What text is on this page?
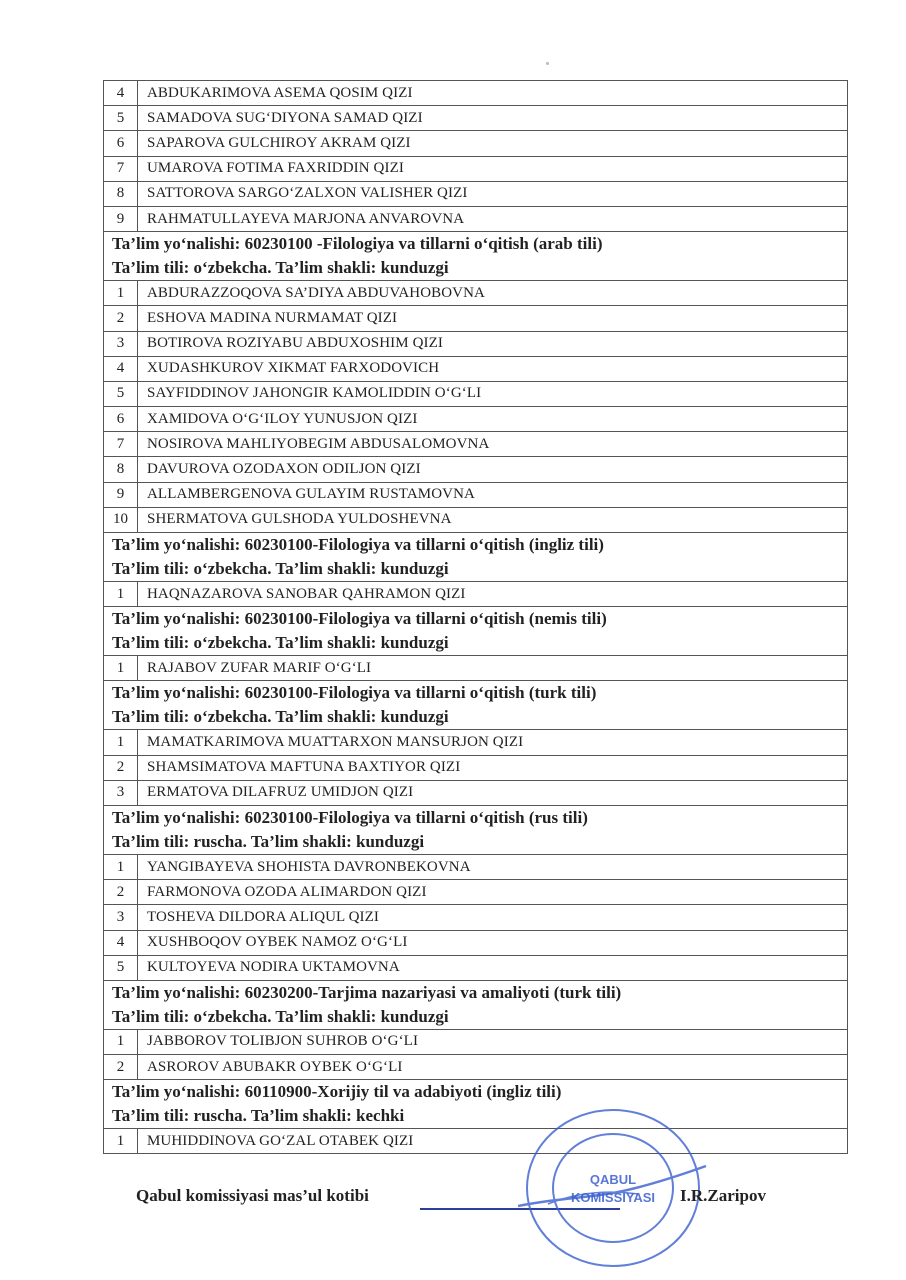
4	ABDUKARIMOVA ASEMA QOSIM QIZI
5	SAMADOVA SUG‘DIYONA SAMAD QIZI
6	SAPAROVA GULCHIROY AKRAM QIZI
7	UMAROVA FOTIMA FAXRIDDIN QIZI
8	SATTOROVA SARGO‘ZALXON VALISHER QIZI
9	RAHMATULLAYEVA MARJONA ANVAROVNA

Ta’lim yo‘nalishi: 60230100 -Filologiya va tillarni o‘qitish (arab tili)
Ta’lim tili: o‘zbekcha. Ta’lim shakli: kunduzgi	

1	ABDURAZZOQOVA SA’DIYA ABDUVAHOBOVNA
2	ESHOVA MADINA NURMAMAT QIZI
3	BOTIROVA ROZIYABU ABDUXOSHIM QIZI
4	XUDASHKUROV XIKMAT FARXODOVICH
5	SAYFIDDINOV JAHONGIR KAMOLIDDIN O‘G‘LI
6	XAMIDOVA O‘G‘ILOY YUNUSJON QIZI
7	NOSIROVA MAHLIYOBEGIM ABDUSALOMOVNA
8	DAVUROVA OZODAXON ODILJON QIZI
9	ALLAMBERGENOVA GULAYIM RUSTAMOVNA
10	SHERMATOVA GULSHODA YULDOSHEVNA

Ta’lim yo‘nalishi: 60230100-Filologiya va tillarni o‘qitish (ingliz tili)
Ta’lim tili: o‘zbekcha. Ta’lim shakli: kunduzgi	

1	HAQNAZAROVA SANOBAR QAHRAMON QIZI

Ta’lim yo‘nalishi: 60230100-Filologiya va tillarni o‘qitish (nemis tili)
Ta’lim tili: o‘zbekcha. Ta’lim shakli: kunduzgi	

1	RAJABOV ZUFAR MARIF O‘G‘LI

Ta’lim yo‘nalishi: 60230100-Filologiya va tillarni o‘qitish (turk tili)
Ta’lim tili: o‘zbekcha. Ta’lim shakli: kunduzgi	

1	MAMATKARIMOVA MUATTARXON MANSURJON QIZI
2	SHAMSIMATOVA MAFTUNA BAXTIYOR QIZI
3	ERMATOVA DILAFRUZ UMIDJON QIZI

Ta’lim yo‘nalishi: 60230100-Filologiya va tillarni o‘qitish (rus tili)
Ta’lim tili: ruscha. Ta’lim shakli: kunduzgi	

1	YANGIBAYEVA SHOHISTA DAVRONBEKOVNA
2	FARMONOVA OZODA ALIMARDON QIZI
3	TOSHEVA DILDORA ALIQUL QIZI
4	XUSHBOQOV OYBEK NAMOZ O‘G‘LI
5	KULTOYEVA NODIRA UKTAMOVNA

Ta’lim yo‘nalishi: 60230200-Tarjima nazariyasi va amaliyoti (turk tili)
Ta’lim tili: o‘zbekcha. Ta’lim shakli: kunduzgi	

1	JABBOROV TOLIBJON SUHROB O‘G‘LI
2	ASROROV ABUBAKR OYBEK O‘G‘LI

Ta’lim yo‘nalishi: 60110900-Xorijiy til va adabiyoti (ingliz tili)
Ta’lim tili: ruscha. Ta’lim shakli: kechki	

1	MUHIDDINOVA GO‘ZAL OTABEK QIZI
Qabul komissiyasi mas’ul kotibi
QABUL
KOMISSIYASI I.R.Zaripov
